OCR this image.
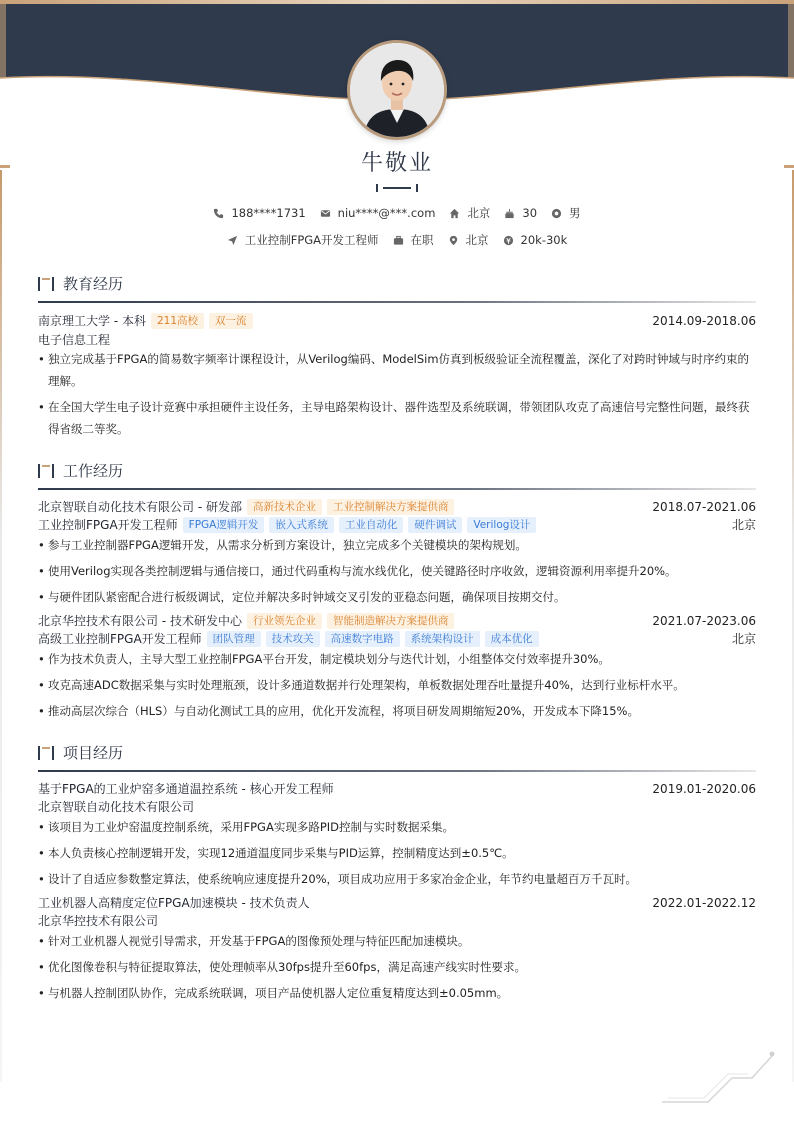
牛敬业
188****1731	niu****@***.com	北京	30	男
工业控制FPGA开发工程师	在职	北京	20k-30k
教育经历
南京理工大学 - 本科	211高校	双一流	2014.09-2018.06
电子信息工程
• 独立完成基于FPGA的简易数字频率计课程设计，从Verilog编码、ModelSim仿真到板级验证全流程覆盖，深化了对跨时钟域与时序约束的理解。
• 在全国大学生电子设计竞赛中承担硬件主设任务，主导电路架构设计、器件选型及系统联调，带领团队攻克了高速信号完整性问题，最终获得省级二等奖。
工作经历
北京智联自动化技术有限公司 - 研发部	高新技术企业	工业控制解决方案提供商	2018.07-2021.06
工业控制FPGA开发工程师	FPGA逻辑开发	嵌入式系统	工业自动化	硬件调试	Verilog设计	北京
• 参与工业控制器FPGA逻辑开发，从需求分析到方案设计，独立完成多个关键模块的架构规划。
• 使用Verilog实现各类控制逻辑与通信接口，通过代码重构与流水线优化，使关键路径时序收敛，逻辑资源利用率提升20%。
• 与硬件团队紧密配合进行板级调试，定位并解决多时钟域交叉引发的亚稳态问题，确保项目按期交付。
北京华控技术有限公司 - 技术研发中心	行业领先企业	智能制造解决方案提供商	2021.07-2023.06
高级工业控制FPGA开发工程师	团队管理	技术攻关	高速数字电路	系统架构设计	成本优化	北京
• 作为技术负责人，主导大型工业控制FPGA平台开发，制定模块划分与迭代计划，小组整体交付效率提升30%。
• 攻克高速ADC数据采集与实时处理瓶颈，设计多通道数据并行处理架构，单板数据处理吞吐量提升40%，达到行业标杆水平。
• 推动高层次综合（HLS）与自动化测试工具的应用，优化开发流程，将项目研发周期缩短20%，开发成本下降15%。
项目经历
基于FPGA的工业炉窑多通道温控系统 - 核心开发工程师	2019.01-2020.06
北京智联自动化技术有限公司
• 该项目为工业炉窑温度控制系统，采用FPGA实现多路PID控制与实时数据采集。
• 本人负责核心控制逻辑开发，实现12通道温度同步采集与PID运算，控制精度达到±0.5℃。
• 设计了自适应参数整定算法，使系统响应速度提升20%，项目成功应用于多家冶金企业，年节约电量超百万千瓦时。
工业机器人高精度定位FPGA加速模块 - 技术负责人	2022.01-2022.12
北京华控技术有限公司
• 针对工业机器人视觉引导需求，开发基于FPGA的图像预处理与特征匹配加速模块。
• 优化图像卷积与特征提取算法，使处理帧率从30fps提升至60fps，满足高速产线实时性要求。
• 与机器人控制团队协作，完成系统联调，项目产品使机器人定位重复精度达到±0.05mm。
